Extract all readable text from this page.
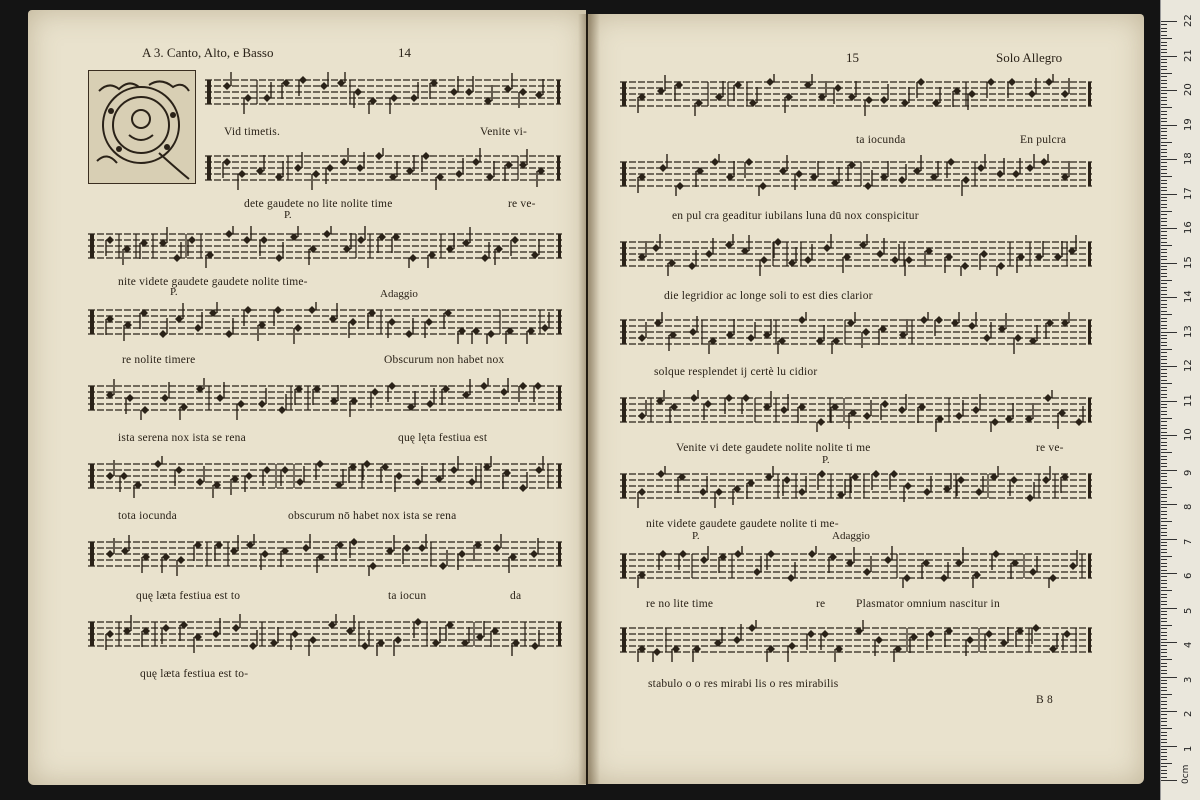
A 3. Canto, Alto, e Basso	14
Vid timetis.	Venite vi-
dete gaudete no lite nolite time	re ve-
P.
nite videte gaudete gaudete nolite time-
P.	Adaggio
re nolite timere	Obscurum non habet nox
ista serena nox ista se rena	quę lęta festiua est
tota iocunda	obscurum nō habet nox ista se rena
quę læta festiua est to	ta iocun	da
quę læta festiua est to-
15	Solo Allegro
ta iocunda	En pulcra
en pul cra geaditur iubilans luna dū nox conspicitur
die legridior ac longe soli to est dies clarior
solque resplendet ij certè lu cidior
Venite vi dete gaudete nolite nolite ti me	re ve-
P.
nite videte gaudete gaudete nolite ti me-
P.	Adaggio
re no lite time	re	Plasmator omnium nascitur in
stabulo o o res mirabi lis o res mirabilis
B 8
0cm
1
2
3
4
5
6
7
8
9
10
11
12
13
14
15
16
17
18
19
20
21
22
